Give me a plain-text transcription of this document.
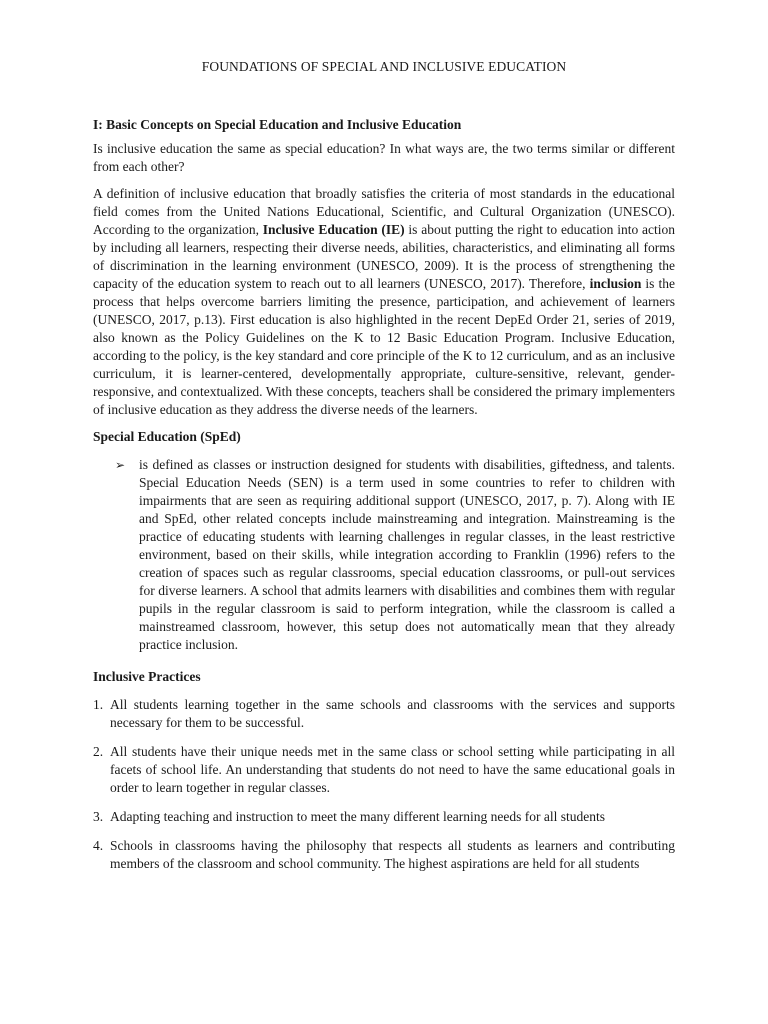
FOUNDATIONS OF SPECIAL AND INCLUSIVE EDUCATION
I: Basic Concepts on Special Education and Inclusive Education

Is inclusive education the same as special education? In what ways are, the two terms similar or different from each other?

A definition of inclusive education that broadly satisfies the criteria of most standards in the educational field comes from the United Nations Educational, Scientific, and Cultural Organization (UNESCO). According to the organization, Inclusive Education (IE) is about putting the right to education into action by including all learners, respecting their diverse needs, abilities, characteristics, and eliminating all forms of discrimination in the learning environment (UNESCO, 2009). It is the process of strengthening the capacity of the education system to reach out to all learners (UNESCO, 2017). Therefore, inclusion is the process that helps overcome barriers limiting the presence, participation, and achievement of learners (UNESCO, 2017, p.13). First education is also highlighted in the recent DepEd Order 21, series of 2019, also known as the Policy Guidelines on the K to 12 Basic Education Program. Inclusive Education, according to the policy, is the key standard and core principle of the K to 12 curriculum, and as an inclusive curriculum, it is learner-centered, developmentally appropriate, culture-sensitive, relevant, gender-responsive, and contextualized. With these concepts, teachers shall be considered the primary implementers of inclusive education as they address the diverse needs of the learners.

Special Education (SpEd)
➢	is defined as classes or instruction designed for students with disabilities, giftedness, and talents. Special Education Needs (SEN) is a term used in some countries to refer to children with impairments that are seen as requiring additional support (UNESCO, 2017, p. 7). Along with IE and SpEd, other related concepts include mainstreaming and integration. Mainstreaming is the practice of educating students with learning challenges in regular classes, in the least restrictive environment, based on their skills, while integration according to Franklin (1996) refers to the creation of spaces such as regular classrooms, special education classrooms, or pull-out services for diverse learners. A school that admits learners with disabilities and combines them with regular pupils in the regular classroom is said to perform integration, while the classroom is called a mainstreamed classroom, however, this setup does not automatically mean that they already practice inclusion.
Inclusive Practices
1. All students learning together in the same schools and classrooms with the services and supports necessary for them to be successful.
2. All students have their unique needs met in the same class or school setting while participating in all facets of school life. An understanding that students do not need to have the same educational goals in order to learn together in regular classes.
3. Adapting teaching and instruction to meet the many different learning needs for all students
4. Schools in classrooms having the philosophy that respects all students as learners and contributing members of the classroom and school community. The highest aspirations are held for all students
